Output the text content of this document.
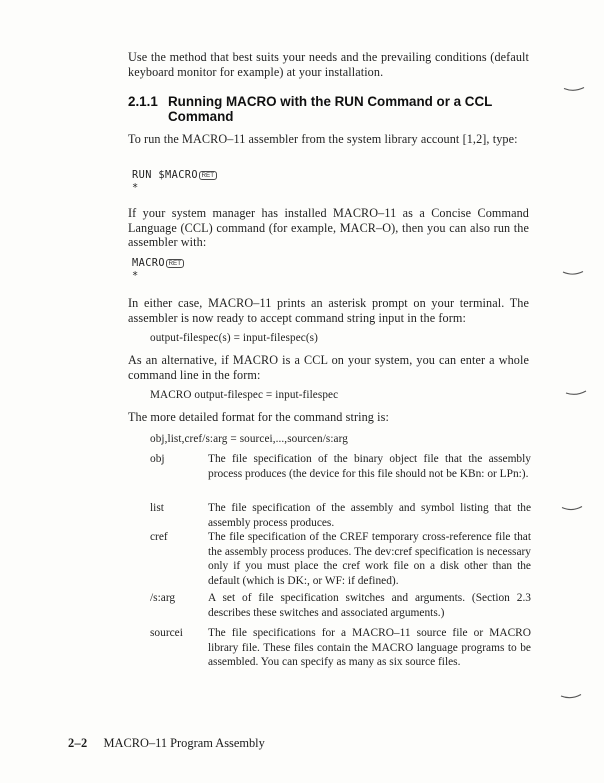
Use the method that best suits your needs and the prevailing conditions (default keyboard monitor for example) at your installation.

2.1.1 Running MACRO with the RUN Command or a CCL Command

To run the MACRO–11 assembler from the system library account [1,2], type:

RUN $MACRO RET
*

If your system manager has installed MACRO–11 as a Concise Command Language (CCL) command (for example, MACR–O), then you can also run the assembler with:

MACRO RET
*

In either case, MACRO–11 prints an asterisk prompt on your terminal. The assembler is now ready to accept command string input in the form:

output-filespec(s) = input-filespec(s)

As an alternative, if MACRO is a CCL on your system, you can enter a whole command line in the form:

MACRO output-filespec = input-filespec

The more detailed format for the command string is:

obj,list,cref/s:arg = sourcei,...,sourcen/s:arg
obj	The file specification of the binary object file that the assembly process produces (the device for this file should not be KBn: or LPn:).
list	The file specification of the assembly and symbol listing that the assembly process produces.
cref	The file specification of the CREF temporary cross-reference file that the assembly process produces. The dev:cref specification is necessary only if you must place the cref work file on a disk other than the default (which is DK:, or WF: if defined).
/s:arg	A set of file specification switches and arguments. (Section 2.3 describes these switches and associated arguments.)
sourcei	The file specifications for a MACRO–11 source file or MACRO library file. These files contain the MACRO language programs to be assembled. You can specify as many as six source files.
2–2 MACRO–11 Program Assembly
